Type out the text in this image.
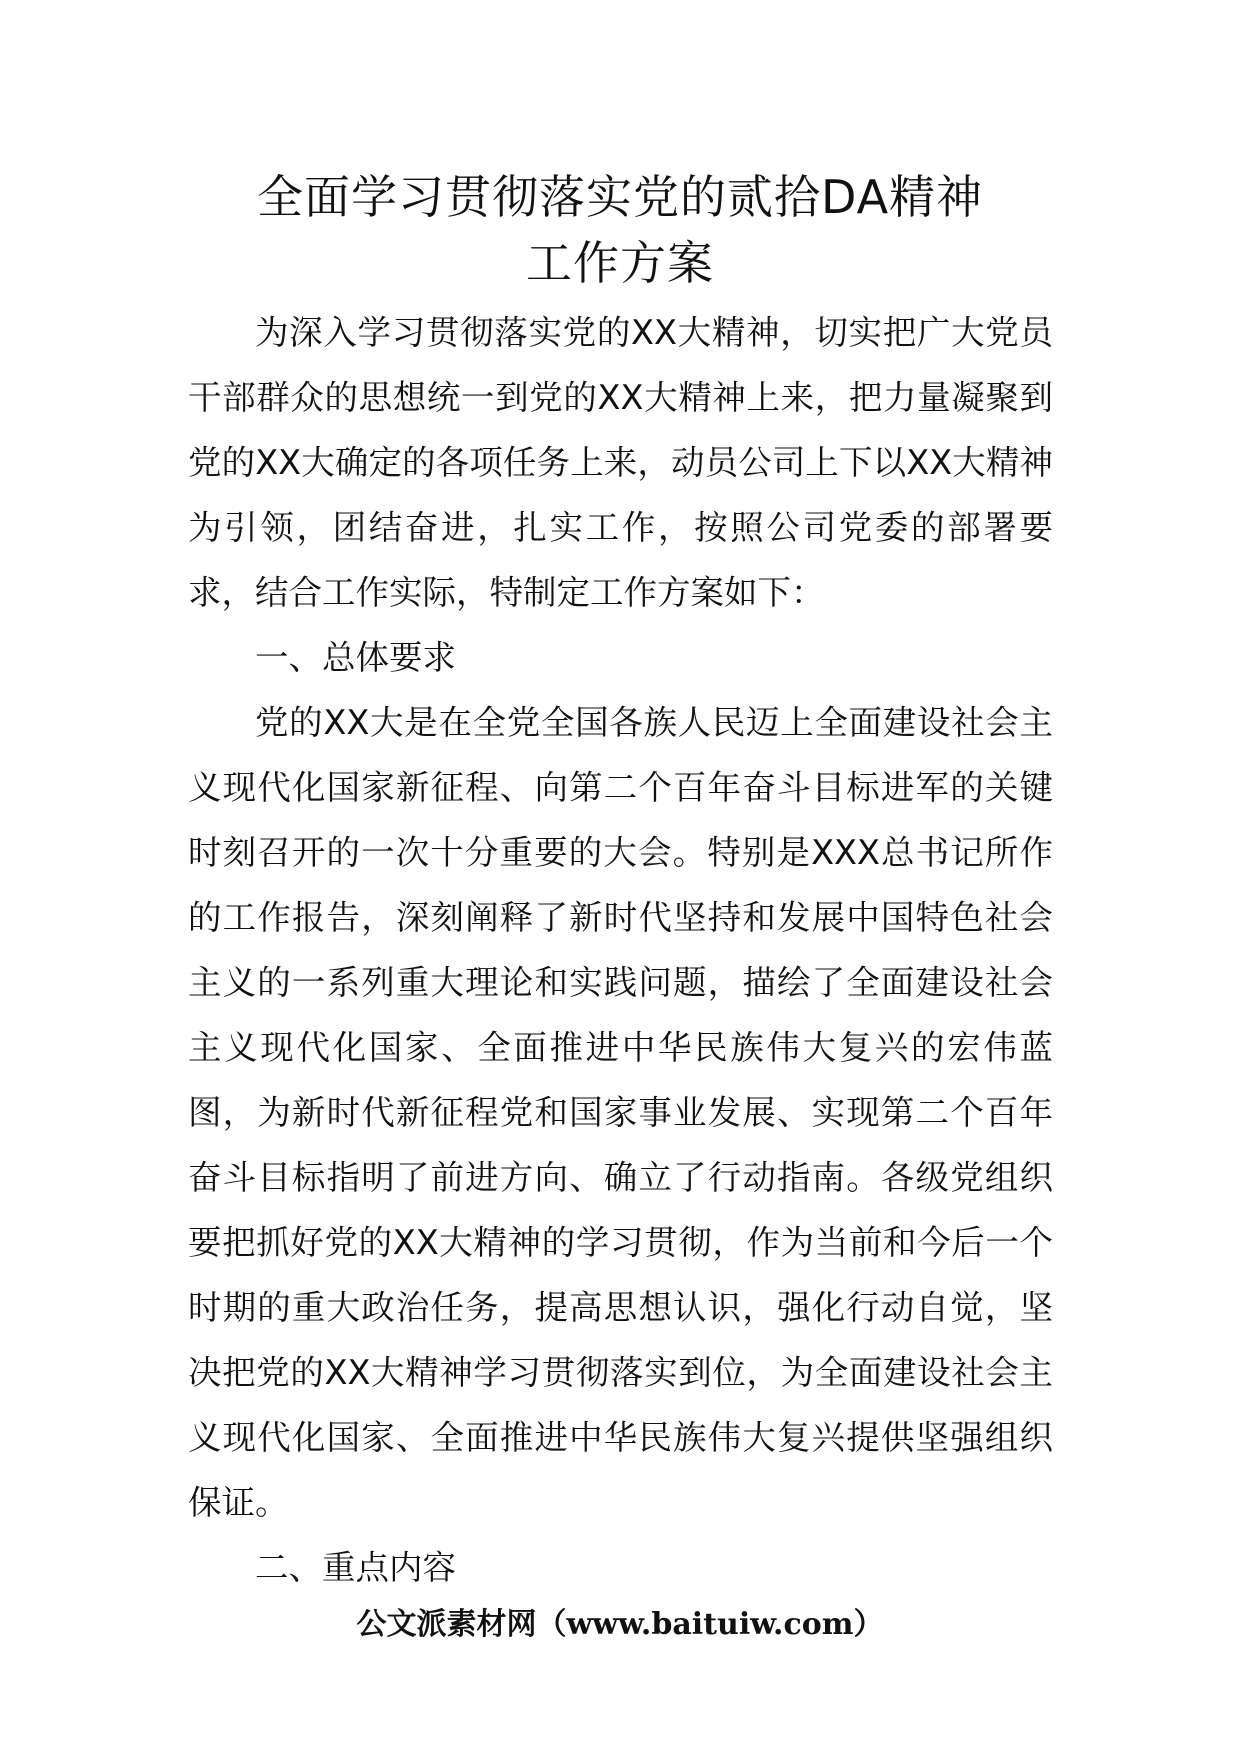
全面学习贯彻落实党的贰拾DA精神
工作方案

为深入学习贯彻落实党的XX大精神，切实把广大党员干部群众的思想统一到党的XX大精神上来，把力量凝聚到党的XX大确定的各项任务上来，动员公司上下以XX大精神为引领，团结奋进，扎实工作，按照公司党委的部署要求，结合工作实际，特制定工作方案如下：

一、总体要求

党的XX大是在全党全国各族人民迈上全面建设社会主义现代化国家新征程、向第二个百年奋斗目标进军的关键时刻召开的一次十分重要的大会。特别是XXX总书记所作的工作报告，深刻阐释了新时代坚持和发展中国特色社会主义的一系列重大理论和实践问题，描绘了全面建设社会主义现代化国家、全面推进中华民族伟大复兴的宏伟蓝图，为新时代新征程党和国家事业发展、实现第二个百年奋斗目标指明了前进方向、确立了行动指南。各级党组织要把抓好党的XX大精神的学习贯彻，作为当前和今后一个时期的重大政治任务，提高思想认识，强化行动自觉，坚决把党的XX大精神学习贯彻落实到位，为全面建设社会主义现代化国家、全面推进中华民族伟大复兴提供坚强组织保证。

二、重点内容

公文派素材网（www.baituiw.com）
